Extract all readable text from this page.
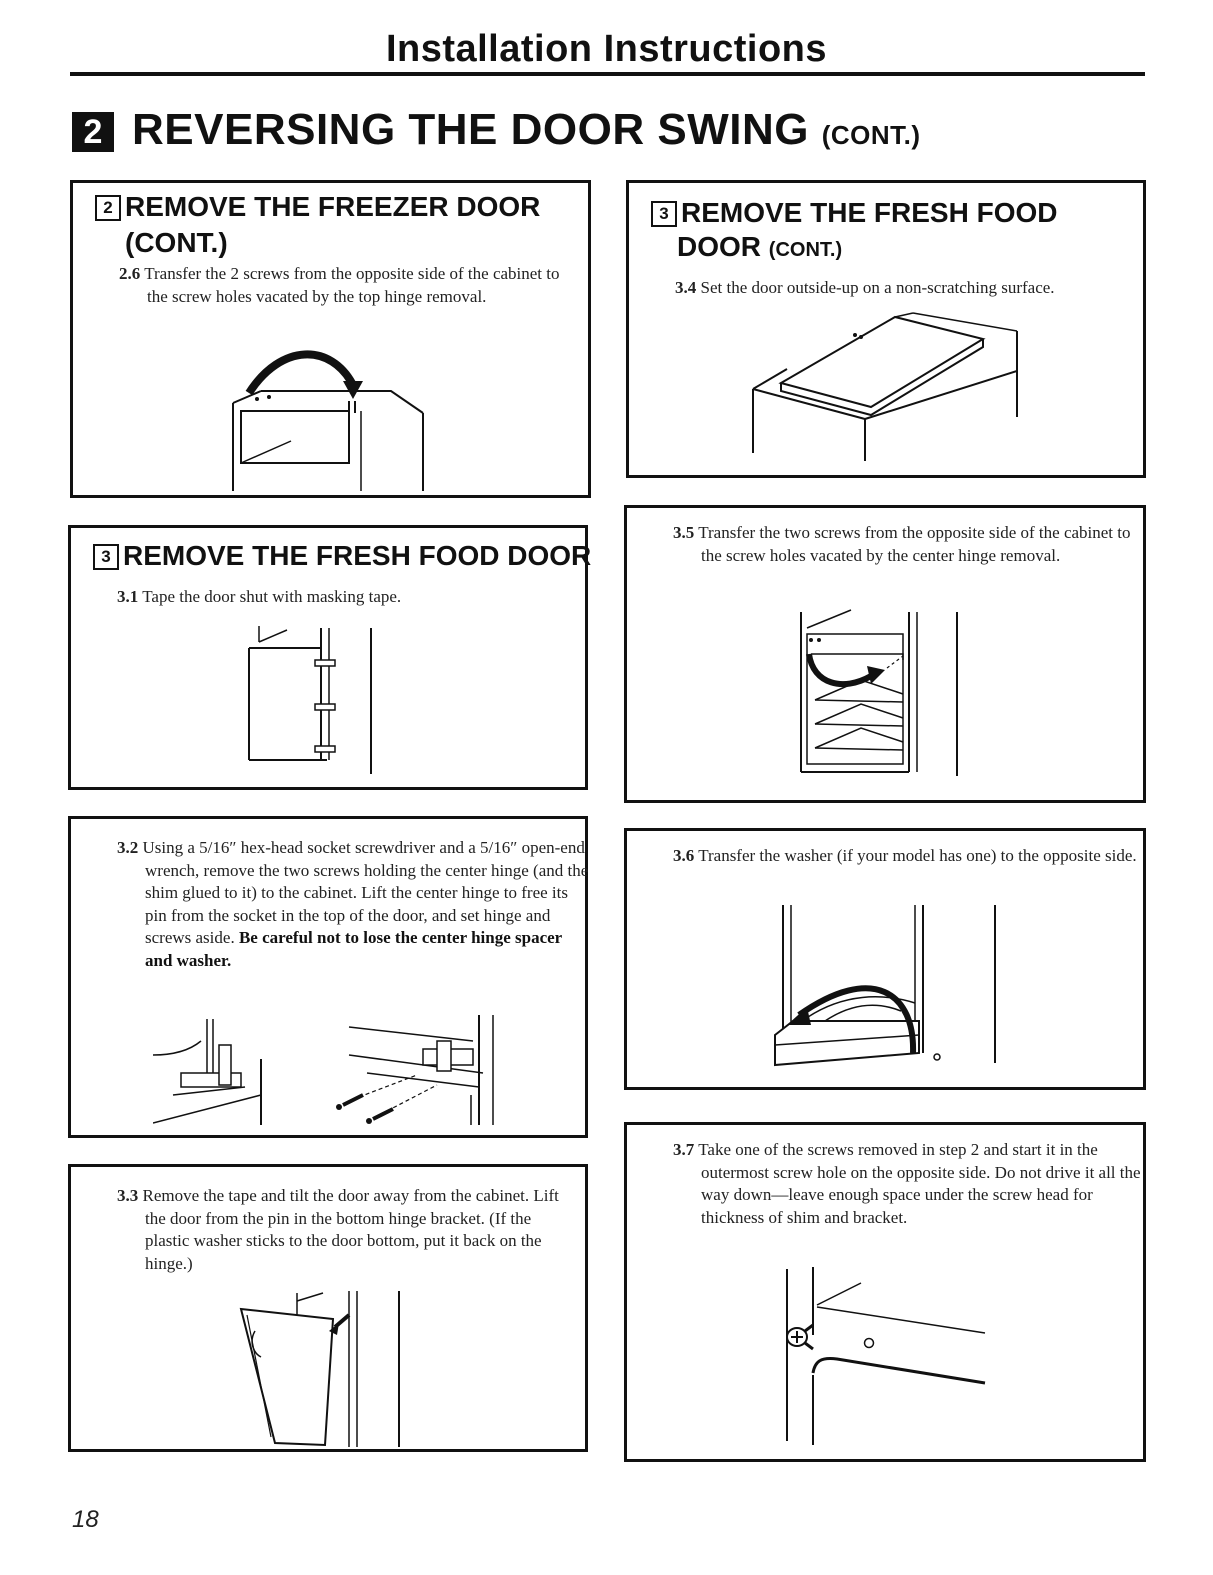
Installation Instructions
2 REVERSING THE DOOR SWING (CONT.)
2 REMOVE THE FREEZER DOOR
(CONT.)
2.6 Transfer the 2 screws from the opposite side of the cabinet to the screw holes vacated by the top hinge removal.
3 REMOVE THE FRESH FOOD DOOR
3.1 Tape the door shut with masking tape.
3.2 Using a 5/16″ hex-head socket screwdriver and a 5/16″ open-end wrench, remove the two screws holding the center hinge (and the shim glued to it) to the cabinet. Lift the center hinge to free its pin from the socket in the top of the door, and set hinge and screws aside. Be careful not to lose the center hinge spacer and washer.
3.3 Remove the tape and tilt the door away from the cabinet. Lift the door from the pin in the bottom hinge bracket. (If the plastic washer sticks to the door bottom, put it back on the hinge.)
3 REMOVE THE FRESH FOOD
DOOR (CONT.)
3.4 Set the door outside-up on a non-scratching surface.
3.5 Transfer the two screws from the opposite side of the cabinet to the screw holes vacated by the center hinge removal.
3.6 Transfer the washer (if your model has one) to the opposite side.
3.7 Take one of the screws removed in step 2 and start it in the outermost screw hole on the opposite side. Do not drive it all the way down—leave enough space under the screw head for thickness of shim and bracket.
18
